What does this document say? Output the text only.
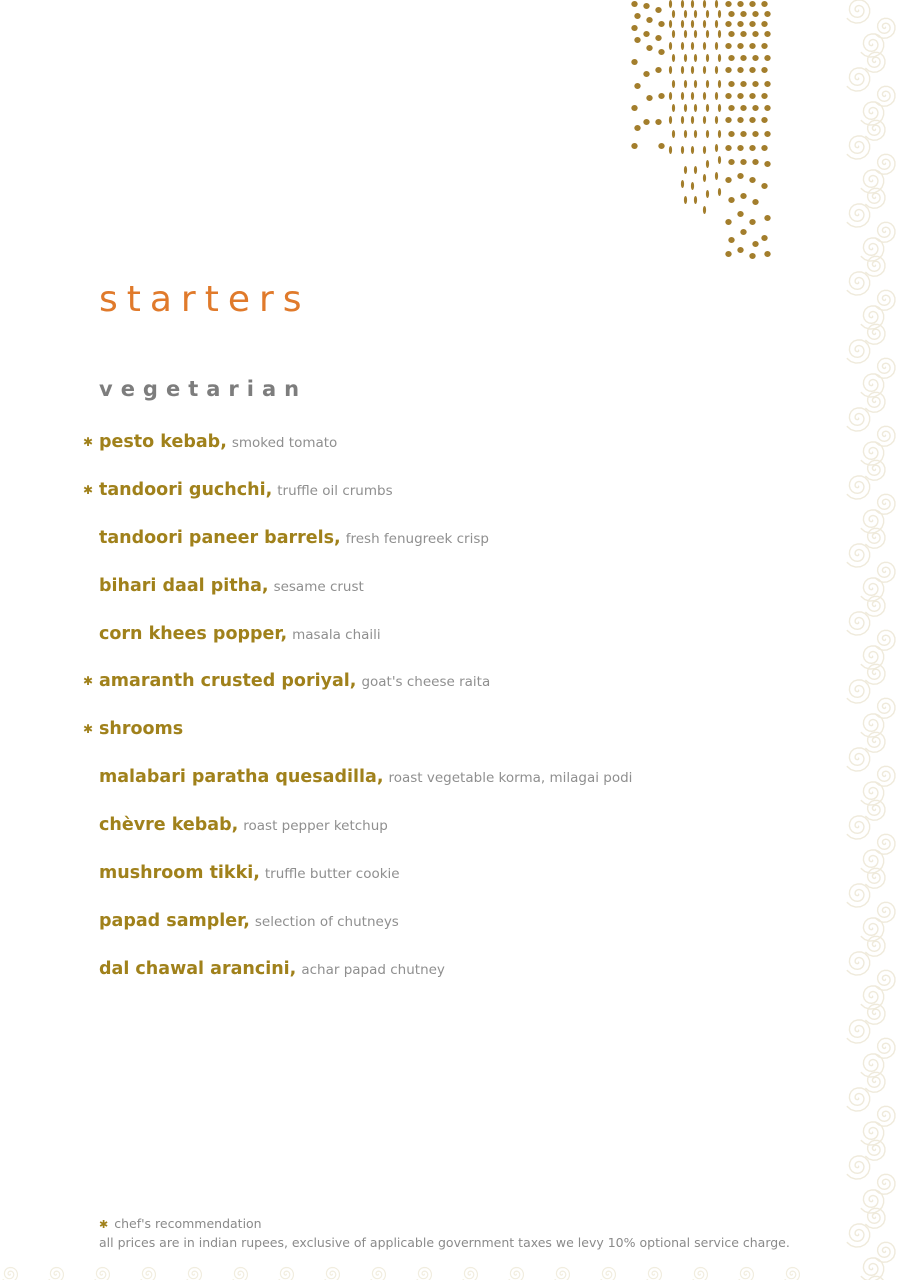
starters
vegetarian
✱ pesto kebab, smoked tomato
✱ tandoori guchchi, truffle oil crumbs
tandoori paneer barrels, fresh fenugreek crisp
bihari daal pitha, sesame crust
corn khees popper, masala chaili
✱ amaranth crusted poriyal, goat's cheese raita
✱ shrooms
malabari paratha quesadilla, roast vegetable korma, milagai podi
chèvre kebab, roast pepper ketchup
mushroom tikki, truffle butter cookie
papad sampler, selection of chutneys
dal chawal arancini, achar papad chutney
✱ chef's recommendation
all prices are in indian rupees, exclusive of applicable government taxes we levy 10% optional service charge.
